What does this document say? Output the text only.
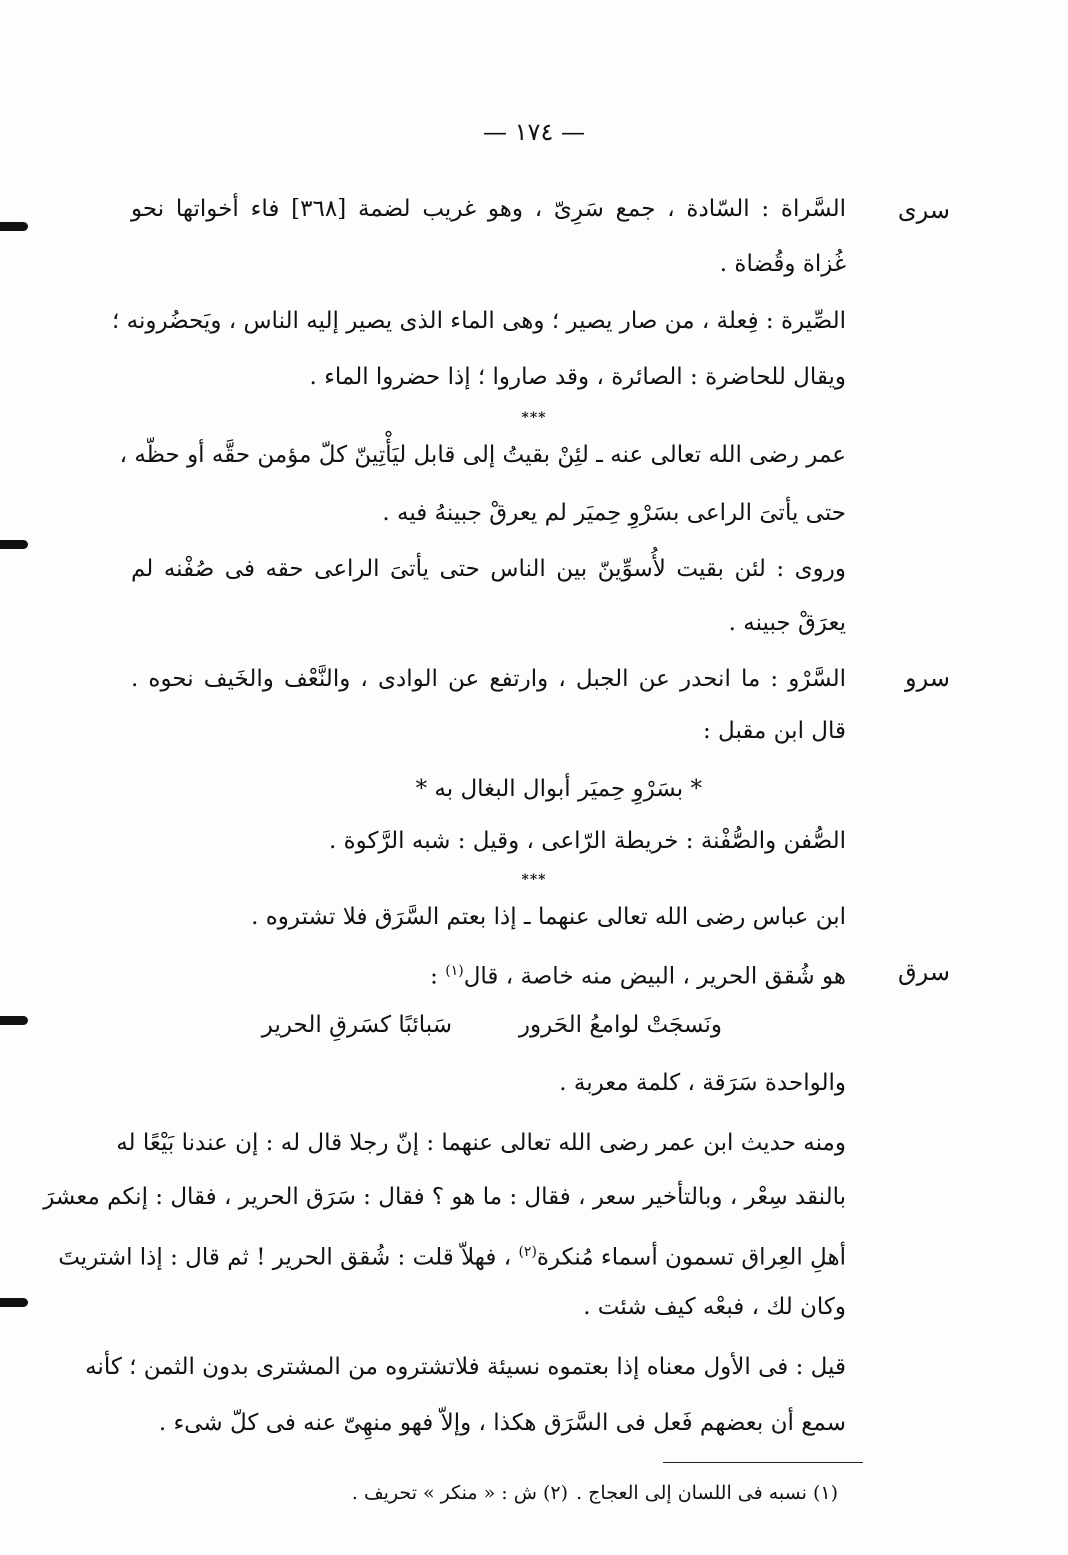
— ١٧٤ —
سرى
السَّراة : السّادة ، جمع سَرِىّ ، وهو غريب لضمة [٣٦٨] فاء أخواتها نحو
غُزاة وقُضاة .
الصِّيرة : فِعلة ، من صار يصير ؛ وهى الماء الذى يصير إليه الناس ، ويَحضُرونه ؛
ويقال للحاضرة : الصائرة ، وقد صاروا ؛ إذا حضروا الماء .
***
عمر رضى الله تعالى عنه ـ لئِنْ بقيتُ إلى قابل ليَأْتِينّ كلّ مؤمن حقَّه أو حظّه ،
حتى يأتىَ الراعى بسَرْوِ حِميَر لم يعرقْ جبينهُ فيه .
وروى : لئن بقيت لأُسوِّينّ بين الناس حتى يأتىَ الراعى حقه فى صُفْنه لم
يعرَقْ جبينه .
سرو
السَّرْو : ما انحدر عن الجبل ، وارتفع عن الوادى ، والنَّعْف والخَيف نحوه .
قال ابن مقبل :
* بسَرْوِ حِميَر أبوال البغال به *
الصُّفن والصُّفْنة : خريطة الرّاعى ، وقيل : شبه الرَّكوة .
***
ابن عباس رضى الله تعالى عنهما ـ إذا بعتم السَّرَق فلا تشتروه .
سرق
هو شُقق الحرير ، البيض منه خاصة ، قال$^{(١)}$ :
ونَسجَتْ لوامعُ الحَرور
سَبائبًا كسَرقِ الحرير
والواحدة سَرَقة ، كلمة معربة .
ومنه حديث ابن عمر رضى الله تعالى عنهما : إنّ رجلا قال له : إن عندنا بَيْعًا له
بالنقد سِعْر ، وبالتأخير سعر ، فقال : ما هو ؟ فقال : سَرَق الحرير ، فقال : إنكم معشرَ
أهلِ العِراق تسمون أسماء مُنكرة$^{(٢)}$ ، فهلاّ قلت : شُقق الحرير ! ثم قال : إذا اشتريتَ
وكان لك ، فبعْه كيف شئت .
قيل : فى الأول معناه إذا بعتموه نسيئة فلاتشتروه من المشترى بدون الثمن ؛ كأنه
سمع أن بعضهم فَعل فى السَّرَق هكذا ، وإلاّ فهو منهِىّ عنه فى كلّ شىء .
(١) نسبه فى اللسان إلى العجاج .
(٢) ش : « منكر » تحريف .
